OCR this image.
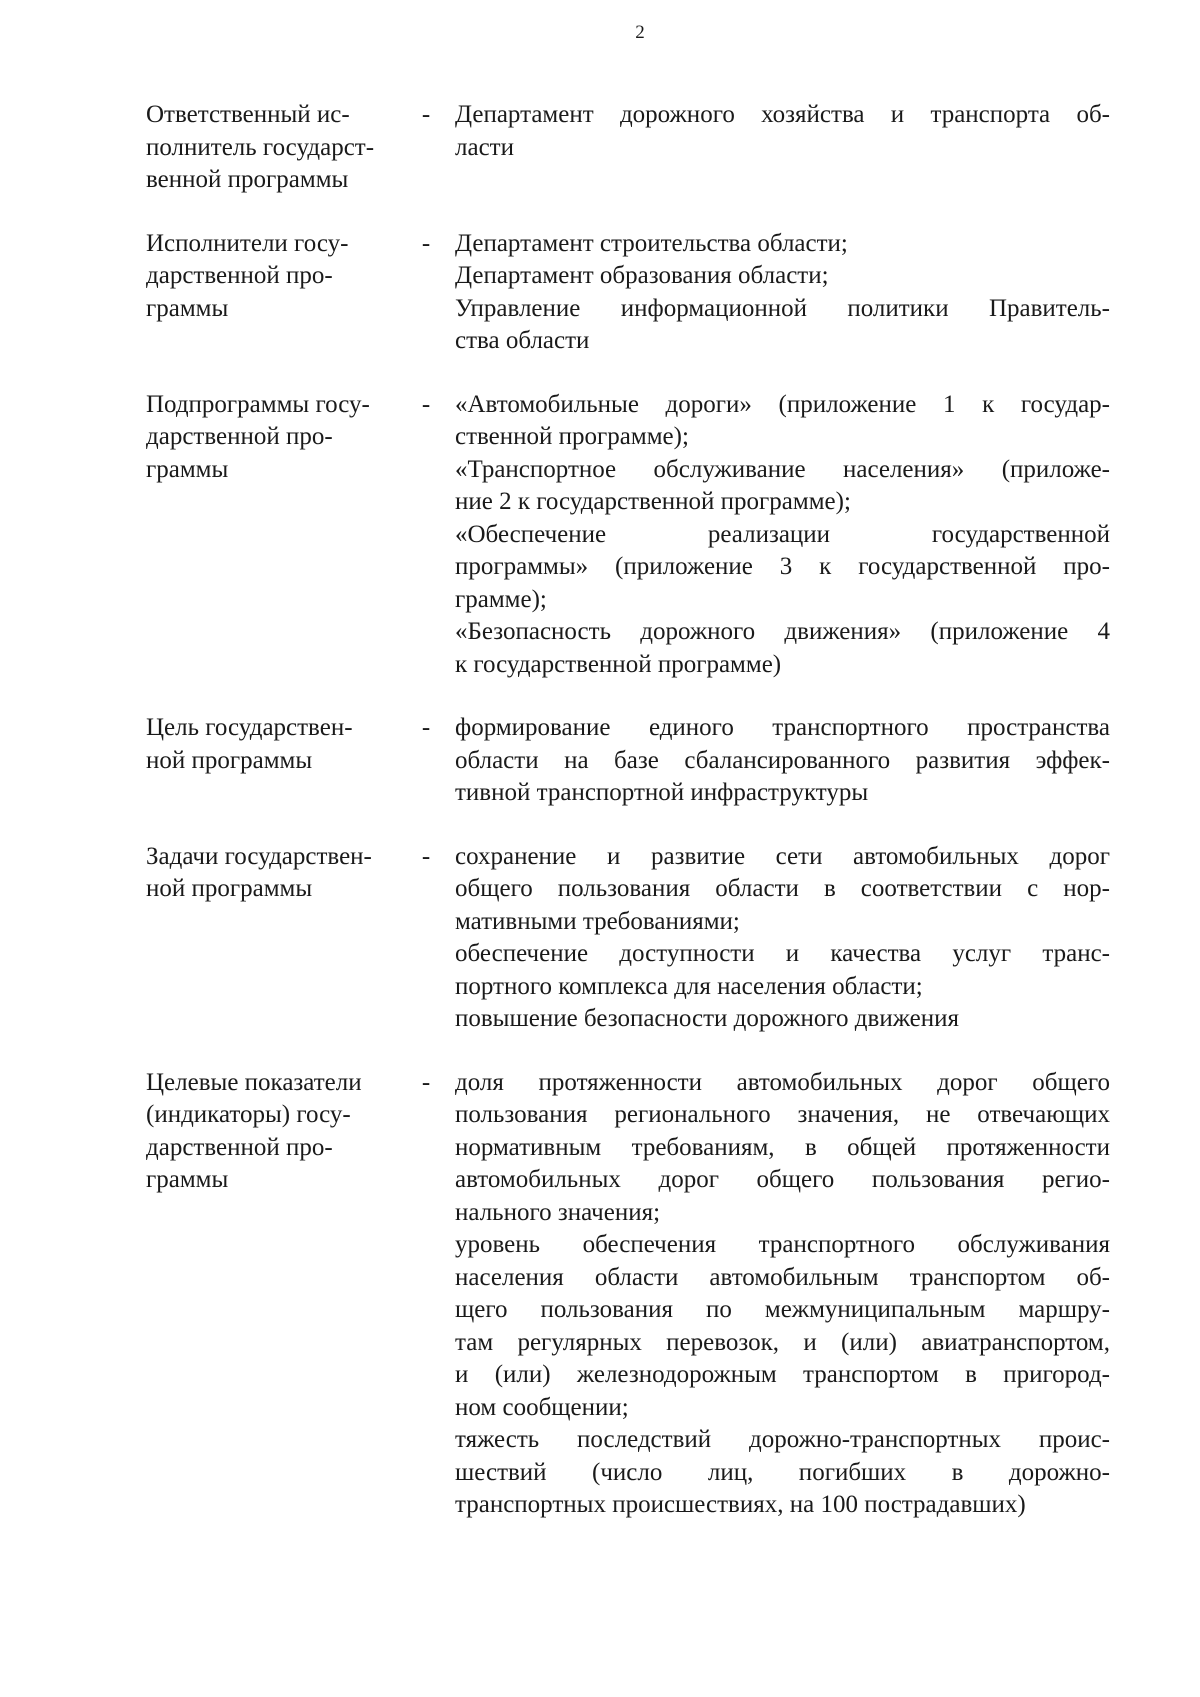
2
Ответственный ис-
полнитель государст-
венной программы
- Департамент дорожного хозяйства и транспорта об-
ласти
Исполнители госу-
дарственной про-
граммы
- Департамент строительства области;
Департамент образования области;
Управление информационной политики Правитель-
ства области
Подпрограммы госу-
дарственной про-
граммы
- «Автомобильные дороги» (приложение 1 к государ-
ственной программе);
«Транспортное обслуживание населения» (приложе-
ние 2 к государственной программе);
«Обеспечение реализации государственной
программы» (приложение 3 к государственной про-
грамме);
«Безопасность дорожного движения» (приложение 4
к государственной программе)
Цель государствен-
ной программы
- формирование единого транспортного пространства
области на базе сбалансированного развития эффек-
тивной транспортной инфраструктуры
Задачи государствен-
ной программы
- сохранение и развитие сети автомобильных дорог
общего пользования области в соответствии с нор-
мативными требованиями;
обеспечение доступности и качества услуг транс-
портного комплекса для населения области;
повышение безопасности дорожного движения
Целевые показатели
(индикаторы) госу-
дарственной про-
граммы
- доля протяженности автомобильных дорог общего
пользования регионального значения, не отвечающих
нормативным требованиям, в общей протяженности
автомобильных дорог общего пользования регио-
нального значения;
уровень обеспечения транспортного обслуживания
населения области автомобильным транспортом об-
щего пользования по межмуниципальным маршру-
там регулярных перевозок, и (или) авиатранспортом,
и (или) железнодорожным транспортом в пригород-
ном сообщении;
тяжесть последствий дорожно-транспортных проис-
шествий (число лиц, погибших в дорожно-
транспортных происшествиях, на 100 пострадавших)
